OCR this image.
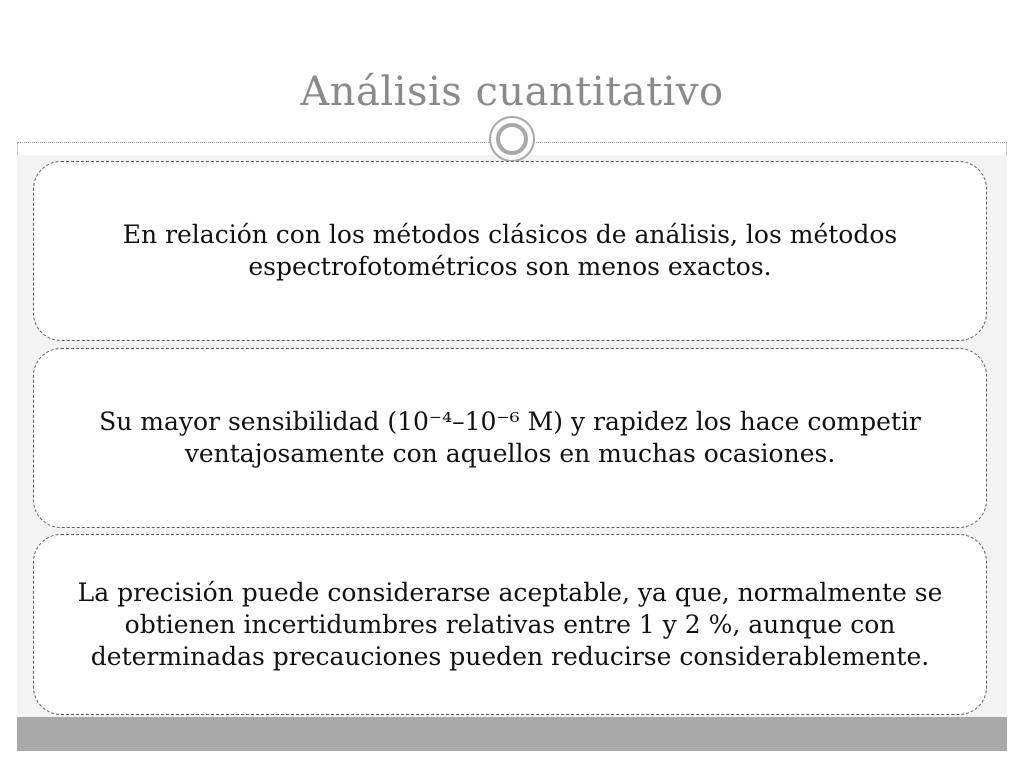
Análisis cuantitativo
En relación con los métodos clásicos de análisis, los métodos espectrofotométricos son menos exactos.
Su mayor sensibilidad (10⁻⁴–10⁻⁶ M) y rapidez los hace competir ventajosamente con aquellos en muchas ocasiones.
La precisión puede considerarse aceptable, ya que, normalmente se obtienen incertidumbres relativas entre 1 y 2 %, aunque con determinadas precauciones pueden reducirse considerablemente.
